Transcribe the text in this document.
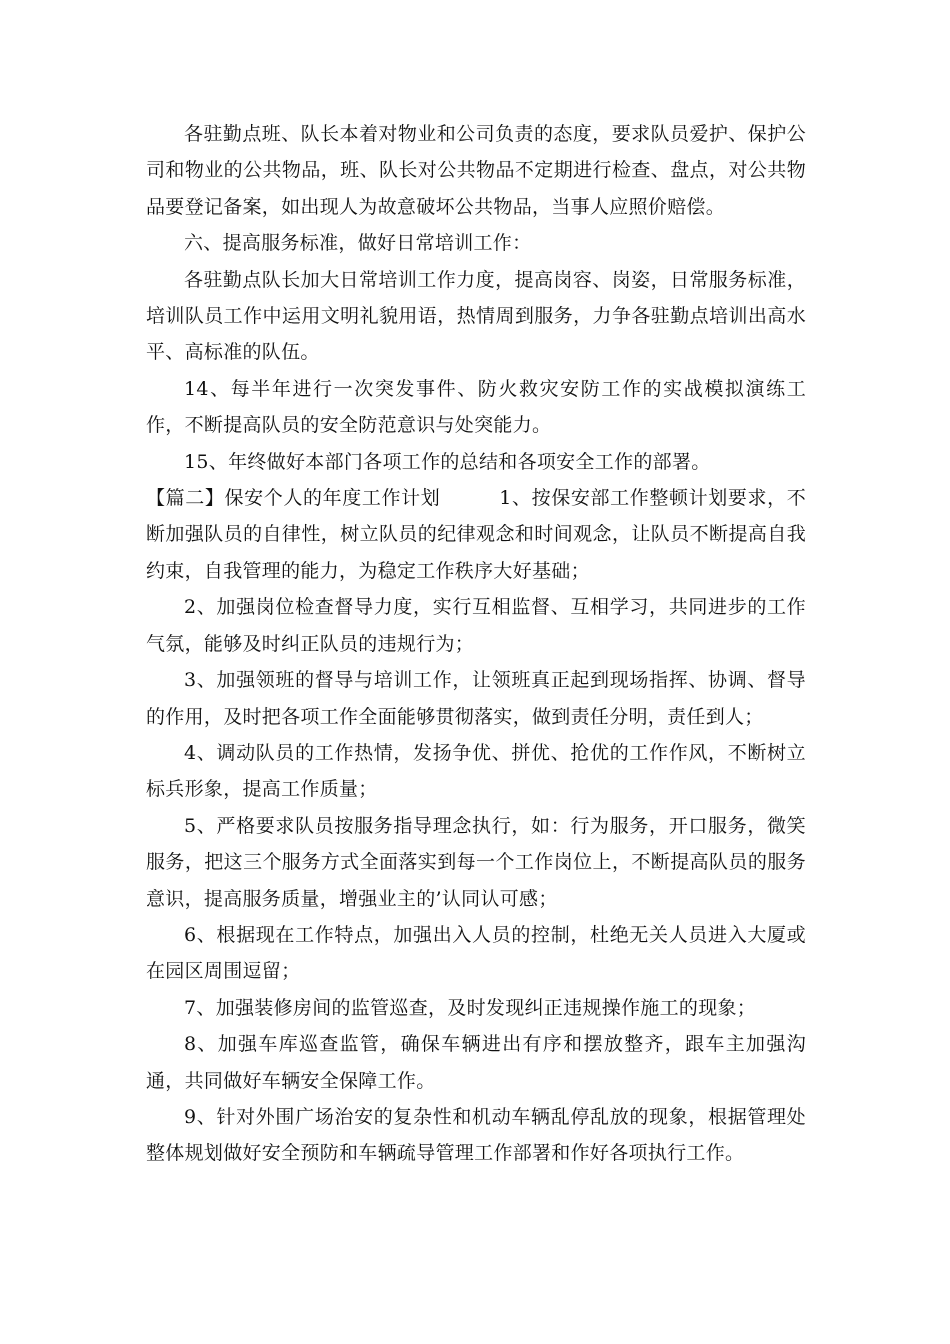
各驻勤点班、队长本着对物业和公司负责的态度，要求队员爱护、保护公司和物业的公共物品，班、队长对公共物品不定期进行检查、盘点，对公共物品要登记备案，如出现人为故意破坏公共物品，当事人应照价赔偿。

六、提高服务标准，做好日常培训工作：

各驻勤点队长加大日常培训工作力度，提高岗容、岗姿，日常服务标准，培训队员工作中运用文明礼貌用语，热情周到服务，力争各驻勤点培训出高水平、高标准的队伍。

14、每半年进行一次突发事件、防火救灾安防工作的实战模拟演练工作，不断提高队员的安全防范意识与处突能力。

15、年终做好本部门各项工作的总结和各项安全工作的部署。

【篇二】保安个人的年度工作计划　　　1、按保安部工作整顿计划要求，不断加强队员的自律性，树立队员的纪律观念和时间观念，让队员不断提高自我约束，自我管理的能力，为稳定工作秩序大好基础；

2、加强岗位检查督导力度，实行互相监督、互相学习，共同进步的工作气氛，能够及时纠正队员的违规行为；

3、加强领班的督导与培训工作，让领班真正起到现场指挥、协调、督导的作用，及时把各项工作全面能够贯彻落实，做到责任分明，责任到人；

4、调动队员的工作热情，发扬争优、拼优、抢优的工作作风，不断树立标兵形象，提高工作质量；

5、严格要求队员按服务指导理念执行，如：行为服务，开口服务，微笑服务，把这三个服务方式全面落实到每一个工作岗位上，不断提高队员的服务意识，提高服务质量，增强业主的’认同认可感；

6、根据现在工作特点，加强出入人员的控制，杜绝无关人员进入大厦或在园区周围逗留；

7、加强装修房间的监管巡查，及时发现纠正违规操作施工的现象；

8、加强车库巡查监管，确保车辆进出有序和摆放整齐，跟车主加强沟通，共同做好车辆安全保障工作。

9、针对外围广场治安的复杂性和机动车辆乱停乱放的现象，根据管理处整体规划做好安全预防和车辆疏导管理工作部署和作好各项执行工作。
